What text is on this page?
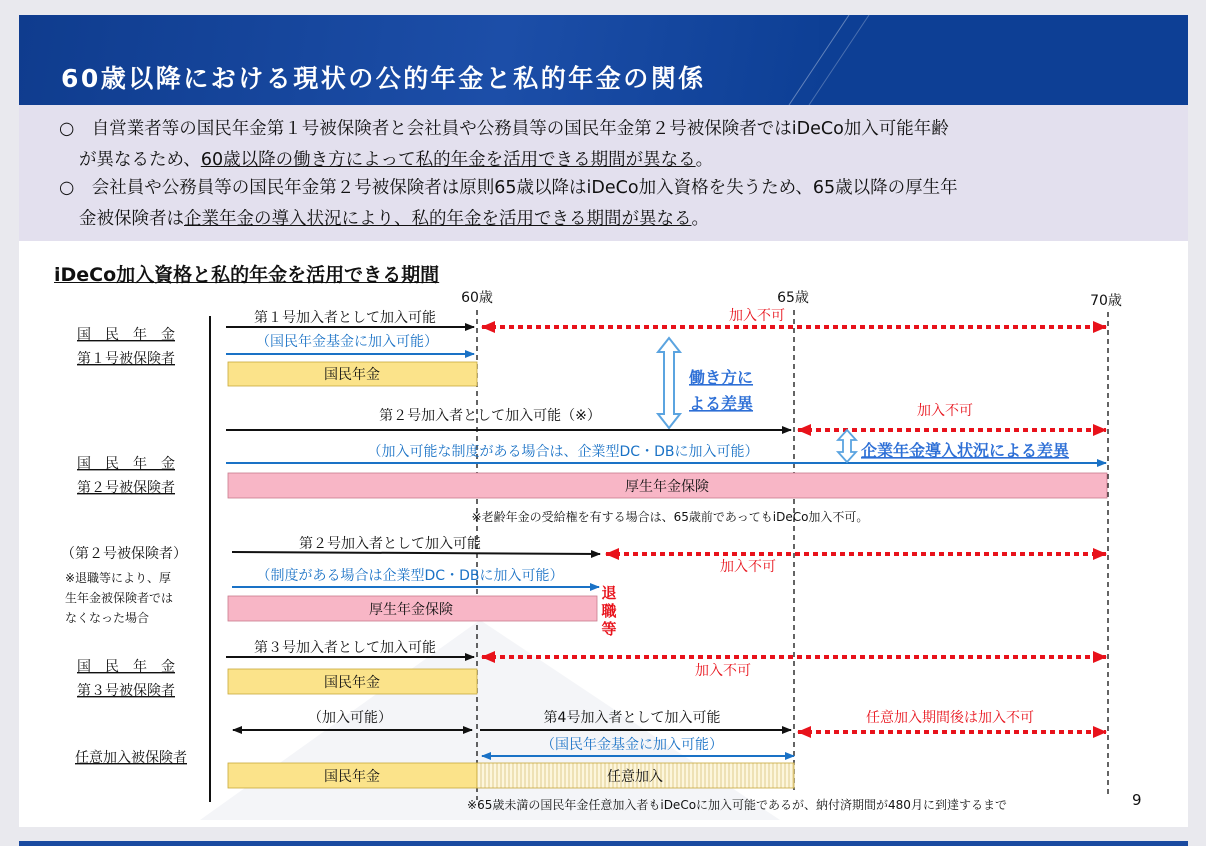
60歳以降における現状の公的年金と私的年金の関係
○　自営業者等の国民年金第１号被保険者と会社員や公務員等の国民年金第２号被保険者ではiDeCo加入可能年齢
が異なるため、60歳以降の働き方によって私的年金を活用できる期間が異なる。
○　会社員や公務員等の国民年金第２号被保険者は原則65歳以降はiDeCo加入資格を失うため、65歳以降の厚生年
金被保険者は企業年金の導入状況により、私的年金を活用できる期間が異なる。
iDeCo加入資格と私的年金を活用できる期間
60歳	65歳	70歳
国　民　年　金
第１号被保険者
第１号加入者として加入可能	加入不可
（国民年金基金に加入可能）
国民年金	働き方に
よる差異
国　民　年　金
第２号被保険者
第２号加入者として加入可能（※）	加入不可
（加入可能な制度がある場合は、企業型DC・DBに加入可能）	企業年金導入状況による差異
厚生年金保険
※老齢年金の受給権を有する場合は、65歳前であってもiDeCo加入不可。
（第２号被保険者）
※退職等により、厚
生年金被保険者では
なくなった場合
第２号加入者として加入可能
加入不可
（制度がある場合は企業型DC・DBに加入可能）
厚生年金保険
退
職
等
国　民　年　金
第３号被保険者
第３号加入者として加入可能
加入不可
国民年金
任意加入被保険者
（加入可能）	第4号加入者として加入可能	任意加入期間後は加入不可
（国民年金基金に加入可能）
国民年金	任意加入
※65歳未満の国民年金任意加入者もiDeCoに加入可能であるが、納付済期間が480月に到達するまで	9
